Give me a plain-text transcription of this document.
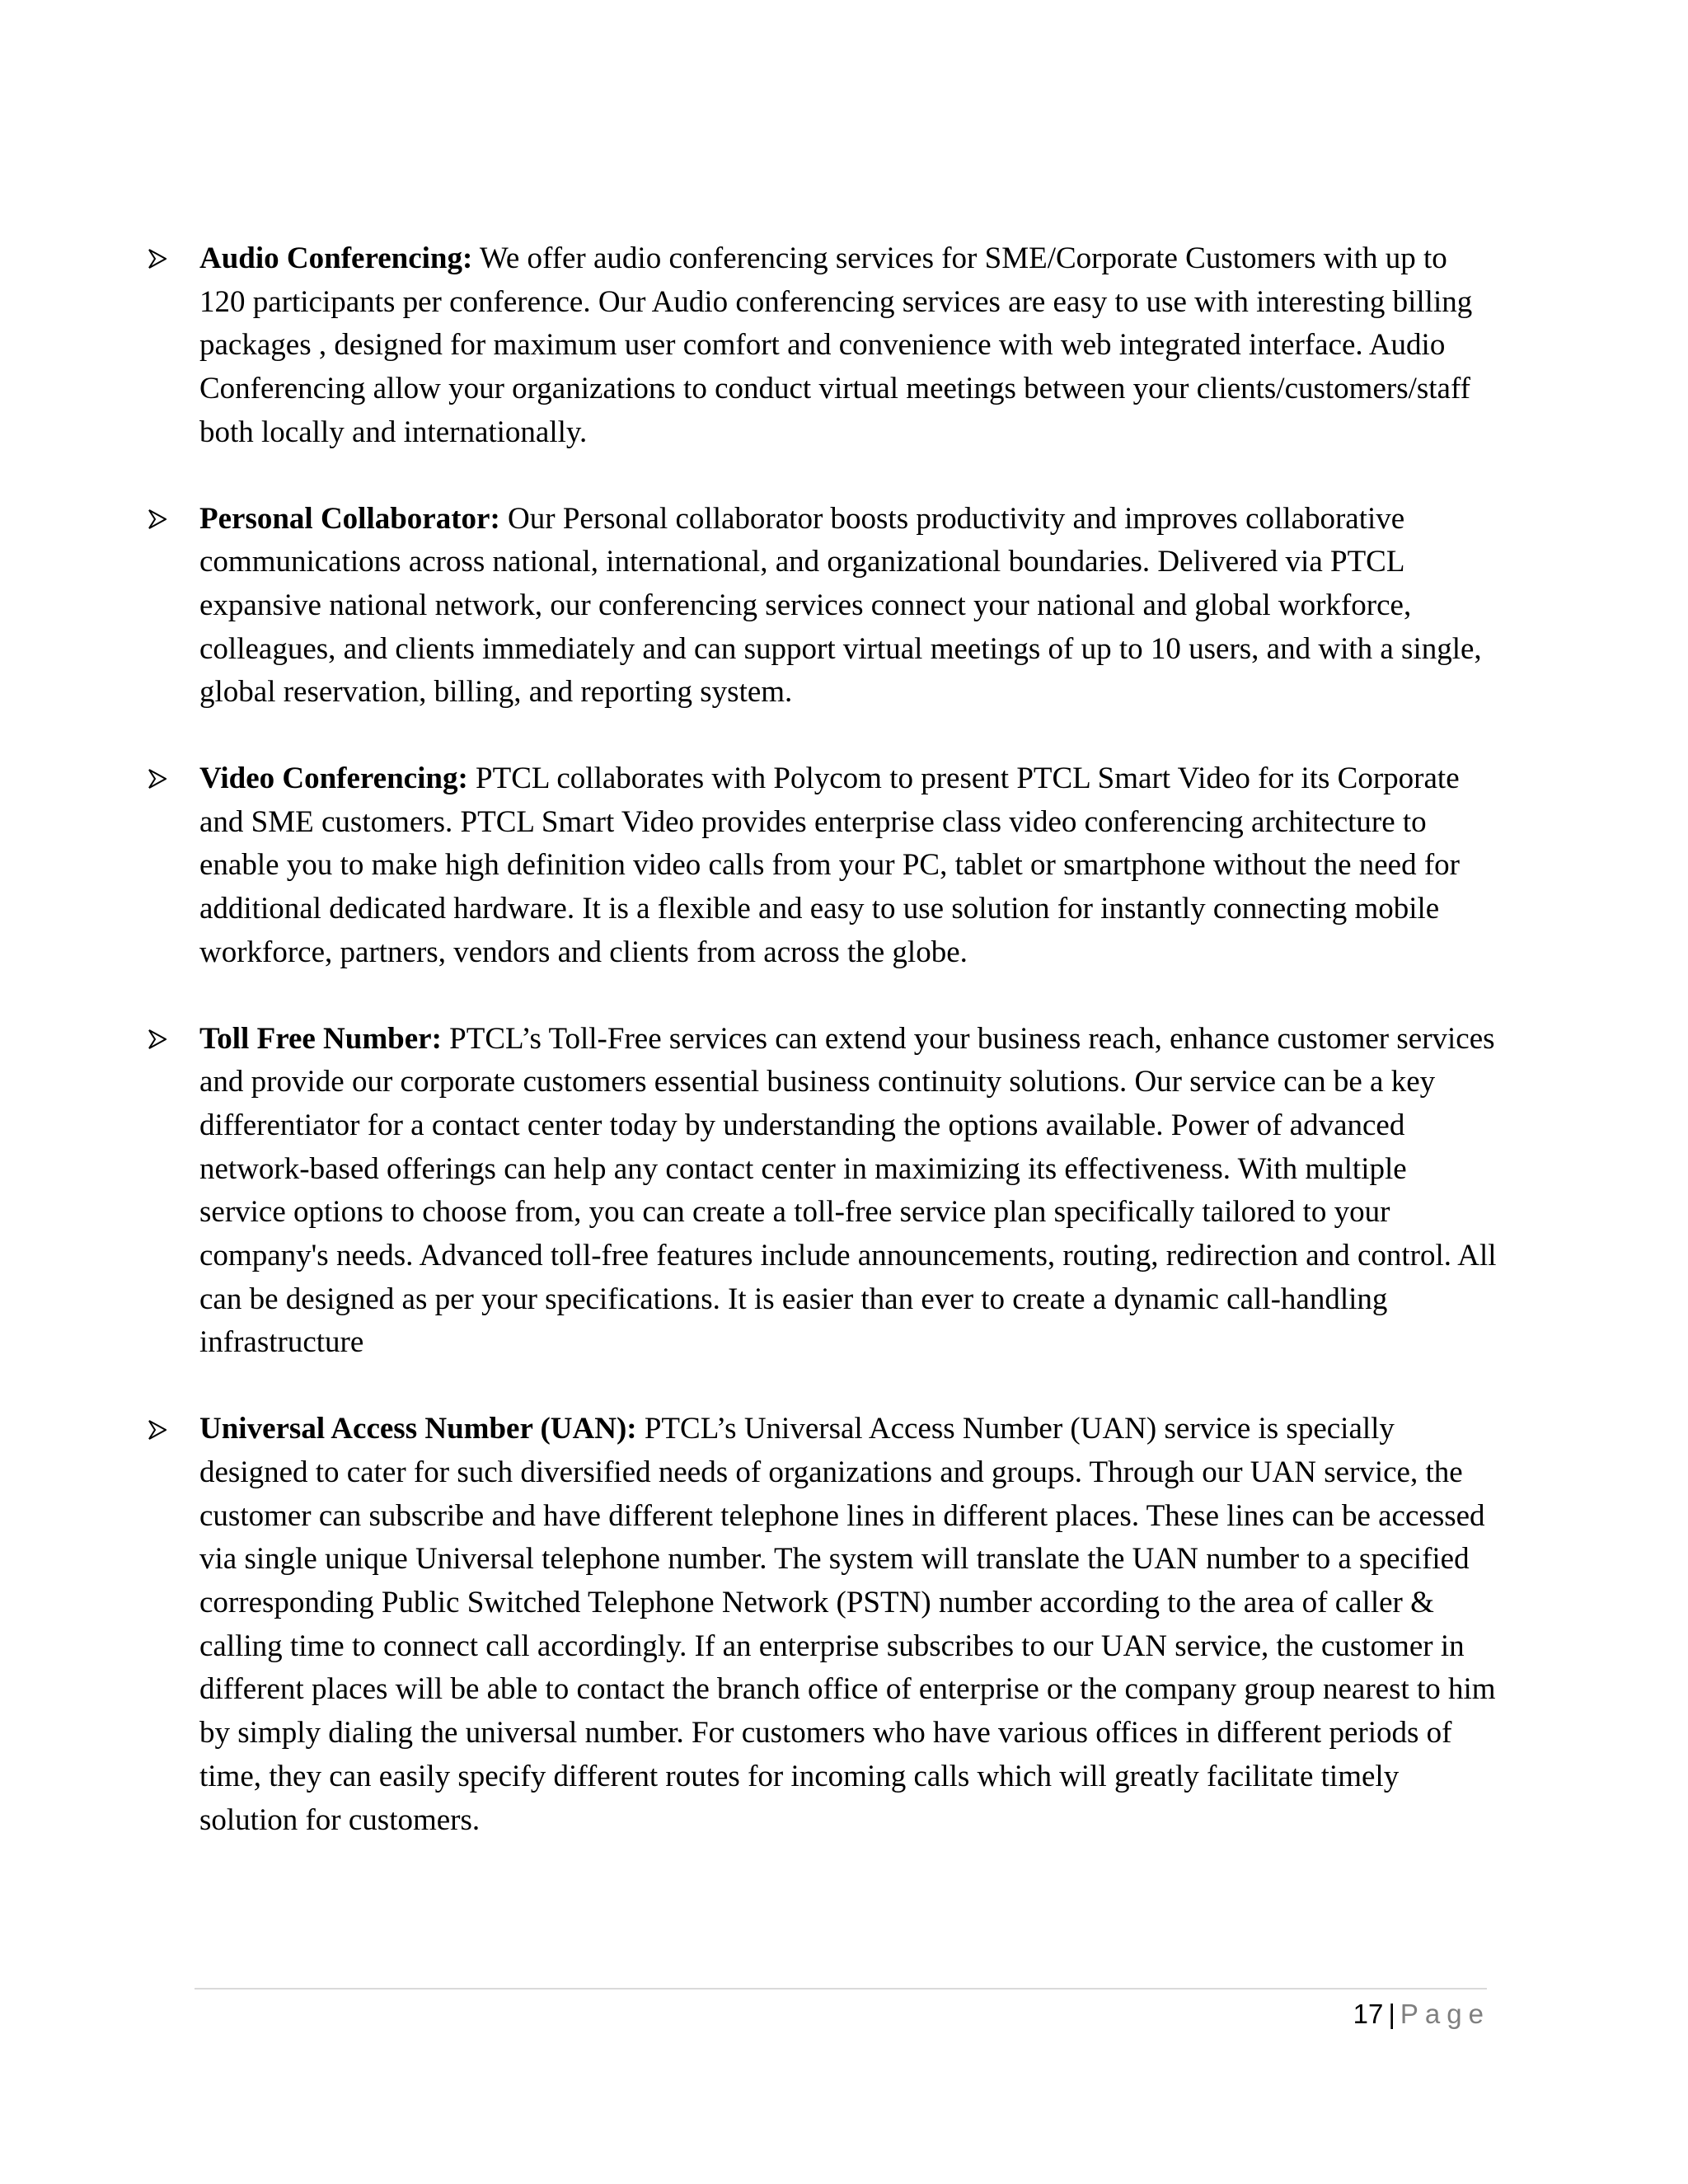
Audio Conferencing: We offer audio conferencing services for SME/Corporate Customers with up to 120 participants per conference. Our Audio conferencing services are easy to use with interesting billing packages , designed for maximum user comfort and convenience with web integrated interface. Audio Conferencing allow your organizations to conduct virtual meetings between your clients/customers/staff both locally and internationally.

Personal Collaborator: Our Personal collaborator boosts productivity and improves collaborative communications across national, international, and organizational boundaries. Delivered via PTCL expansive national network, our conferencing services connect your national and global workforce, colleagues, and clients immediately and can support virtual meetings of up to 10 users, and with a single, global reservation, billing, and reporting system.

Video Conferencing: PTCL collaborates with Polycom to present PTCL Smart Video for its Corporate and SME customers. PTCL Smart Video provides enterprise class video conferencing architecture to enable you to make high definition video calls from your PC, tablet or smartphone without the need for additional dedicated hardware. It is a flexible and easy to use solution for instantly connecting mobile workforce, partners, vendors and clients from across the globe.

Toll Free Number: PTCL’s Toll-Free services can extend your business reach, enhance customer services and provide our corporate customers essential business continuity solutions. Our service can be a key differentiator for a contact center today by understanding the options available. Power of advanced network-based offerings can help any contact center in maximizing its effectiveness. With multiple service options to choose from, you can create a toll-free service plan specifically tailored to your company's needs. Advanced toll-free features include announcements, routing, redirection and control. All can be designed as per your specifications. It is easier than ever to create a dynamic call-handling infrastructure

Universal Access Number (UAN): PTCL’s Universal Access Number (UAN) service is specially designed to cater for such diversified needs of organizations and groups. Through our UAN service, the customer can subscribe and have different telephone lines in different places. These lines can be accessed via single unique Universal telephone number. The system will translate the UAN number to a specified corresponding Public Switched Telephone Network (PSTN) number according to the area of caller & calling time to connect call accordingly. If an enterprise subscribes to our UAN service, the customer in different places will be able to contact the branch office of enterprise or the company group nearest to him by simply dialing the universal number. For customers who have various offices in different periods of time, they can easily specify different routes for incoming calls which will greatly facilitate timely solution for customers.

17 | Page
